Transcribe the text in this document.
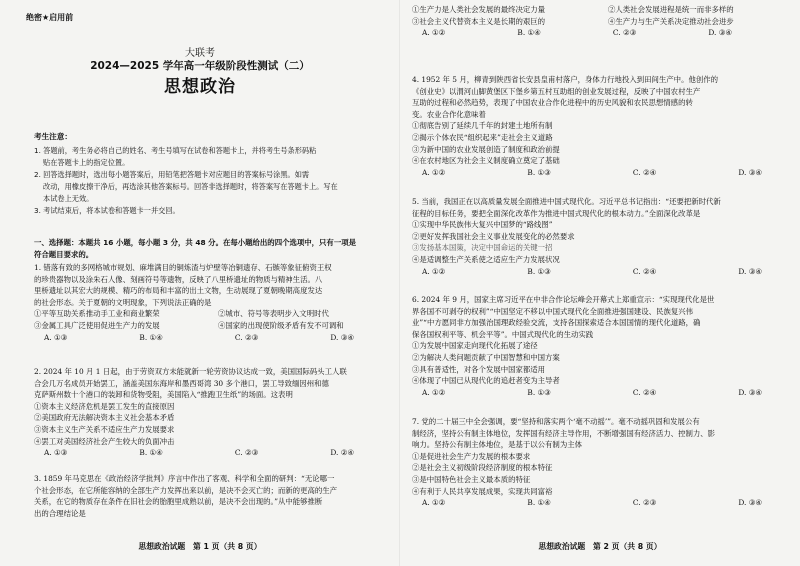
绝密★启用前
大联考
2024—2025 学年高一年级阶段性测试（二）
思想政治
考生注意：
1. 答题前，考生务必将自己的姓名、考生号填写在试卷和答题卡上，并将考生号条形码粘
贴在答题卡上的指定位置。
2. 回答选择题时，选出每小题答案后，用铅笔把答题卡对应题目的答案标号涂黑。如需
改动，用橡皮擦干净后，再选涂其他答案标号。回答非选择题时，将答案写在答题卡上。写在
本试卷上无效。
3. 考试结束后，将本试卷和答题卡一并交回。
一、选择题：本题共 16 小题，每小题 3 分，共 48 分。在每小题给出的四个选项中，只有一项是
符合题目要求的。
1. 错落有致的多网格城市规划、麻堆满目的铜炼渣与炉壁等冶铜遗存、石镞等象征俯资王权
的珍贵器物以及涂朱石人像、刻画符号等遗物，反映了八里桥遗址的物质与精神生活。八
里桥遗址以其宏大的规模、精巧的布局和丰富的出土文物，生动展现了夏朝晚期高度发达
的社会形态。关于夏朝的文明现象，下列说法正确的是
①平等互助关系推动手工业和商业繁荣	②城市、符号等表明步入文明时代
③金属工具广泛使用促进生产力的发展	④国家的出现使阶级矛盾有发不可调和
A. ①③	B. ①④	C. ②③	D. ③④
2. 2024 年 10 月 1 日起，由于劳资双方未能就新一轮劳资协议达成一致，美国国际码头工人联
合会几万名成员开始罢工，涵盖美国东海岸和墨西哥湾 30 多个港口，罢工导致缅因州和德
克萨斯州数十个港口的装卸和货物受阻，美国陷入“推跑卫生纸”的场面。这表明
①资本主义经济危机是罢工发生的直接原因
②美国政府无法解决资本主义社会基本矛盾
③资本主义生产关系不适应生产力发展要求
④罢工对美国经济社会产生较大的负面冲击
A. ①③	B. ①④	C. ②③	D. ②④
3. 1859 年马克思在《政治经济学批判》序言中作出了客观、科学和全面的研判：“无论哪一
个社会形态，在它所能容纳的全部生产力发挥出来以前，是决不会灭亡的；而新的更高的生产
关系，在它的物质存在条件在旧社会的胎胞里成熟以前，是决不会出现的。”从中能够推断
出的合理结论是
思想政治试题　第 1 页（共 8 页）
①生产力是人类社会发展的最终决定力量	②人类社会发展进程是统一而非多样的
③社会主义代替资本主义是长期的艰巨的	④生产力与生产关系决定推动社会进步
A. ①②	B. ①④	C. ②③	D. ③④
4. 1952 年 5 月，柳青到陕西省长安县皇甫村落户，身体力行地投入到田间生产中。他创作的
《创业史》以渭河山脚黄堡区下堡乡第五村互助组的创业发展过程，反映了中国农村生产
互助的过程和必然趋势，表现了中国农业合作化进程中的历史风貌和农民思想情感的转
变。农业合作化意味着
①彻底告别了延续几千年的封建土地所有制
②揭示个体农民“组织起来”走社会主义道路
③为新中国的农业发展创造了制度和政治前提
④在农村地区为社会主义制度确立奠定了基础
A. ①②	B. ①③	C. ②④	D. ③④
5. 当前，我国正在以高质量发展全面推进中国式现代化。习近平总书记指出：“还要把新时代新
征程的目标任务，要把全面深化改革作为推进中国式现代化的根本动力。”全面深化改革是
①实现中华民族伟大复兴中国梦的“路线图”
②更好发挥我国社会主义事业发展变化的必然要求
③发扬基本国策，决定中国命运的关键一招
④是适调整生产关系使之适应生产力发展状况
A. ①②	B. ①③	C. ②④	D. ③④
6. 2024 年 9 月，国家主席习近平在中非合作论坛峰会开幕式上郑重宣示：“实现现代化是世
界各国不可剥夺的权利”“中国坚定不移以中国式现代化全面推进强国建设、民族复兴伟
业”“中方愿同非方加强治国理政经验交流，支持各国探索适合本国国情的现代化道路，确
保各国权利平等、机会平等”。中国式现代化的生动实践
①为发展中国家走向现代化拓展了途径
②为解决人类问题贡献了中国智慧和中国方案
③具有普适性，对各个发展中国家都适用
④体现了中国已从现代化的追赶者变为主导者
A. ①②	B. ①③	C. ②④	D. ③④
7. 党的二十届三中全会强调，要“坚持和落实两个‘毫不动摇’”。毫不动摇巩固和发展公有
制经济，坚持公有制主体地位，发挥国有经济主导作用，不断增强国有经济活力、控制力、影
响力。坚持公有制主体地位，是基于以公有制为主体
①是促进社会生产力发展的根本要求
②是社会主义初级阶段经济制度的根本特征
③是中国特色社会主义最本质的特征
④有利于人民共享发展成果，实现共同富裕
A. ①②	B. ①④	C. ②③	D. ③④
思想政治试题　第 2 页（共 8 页）
